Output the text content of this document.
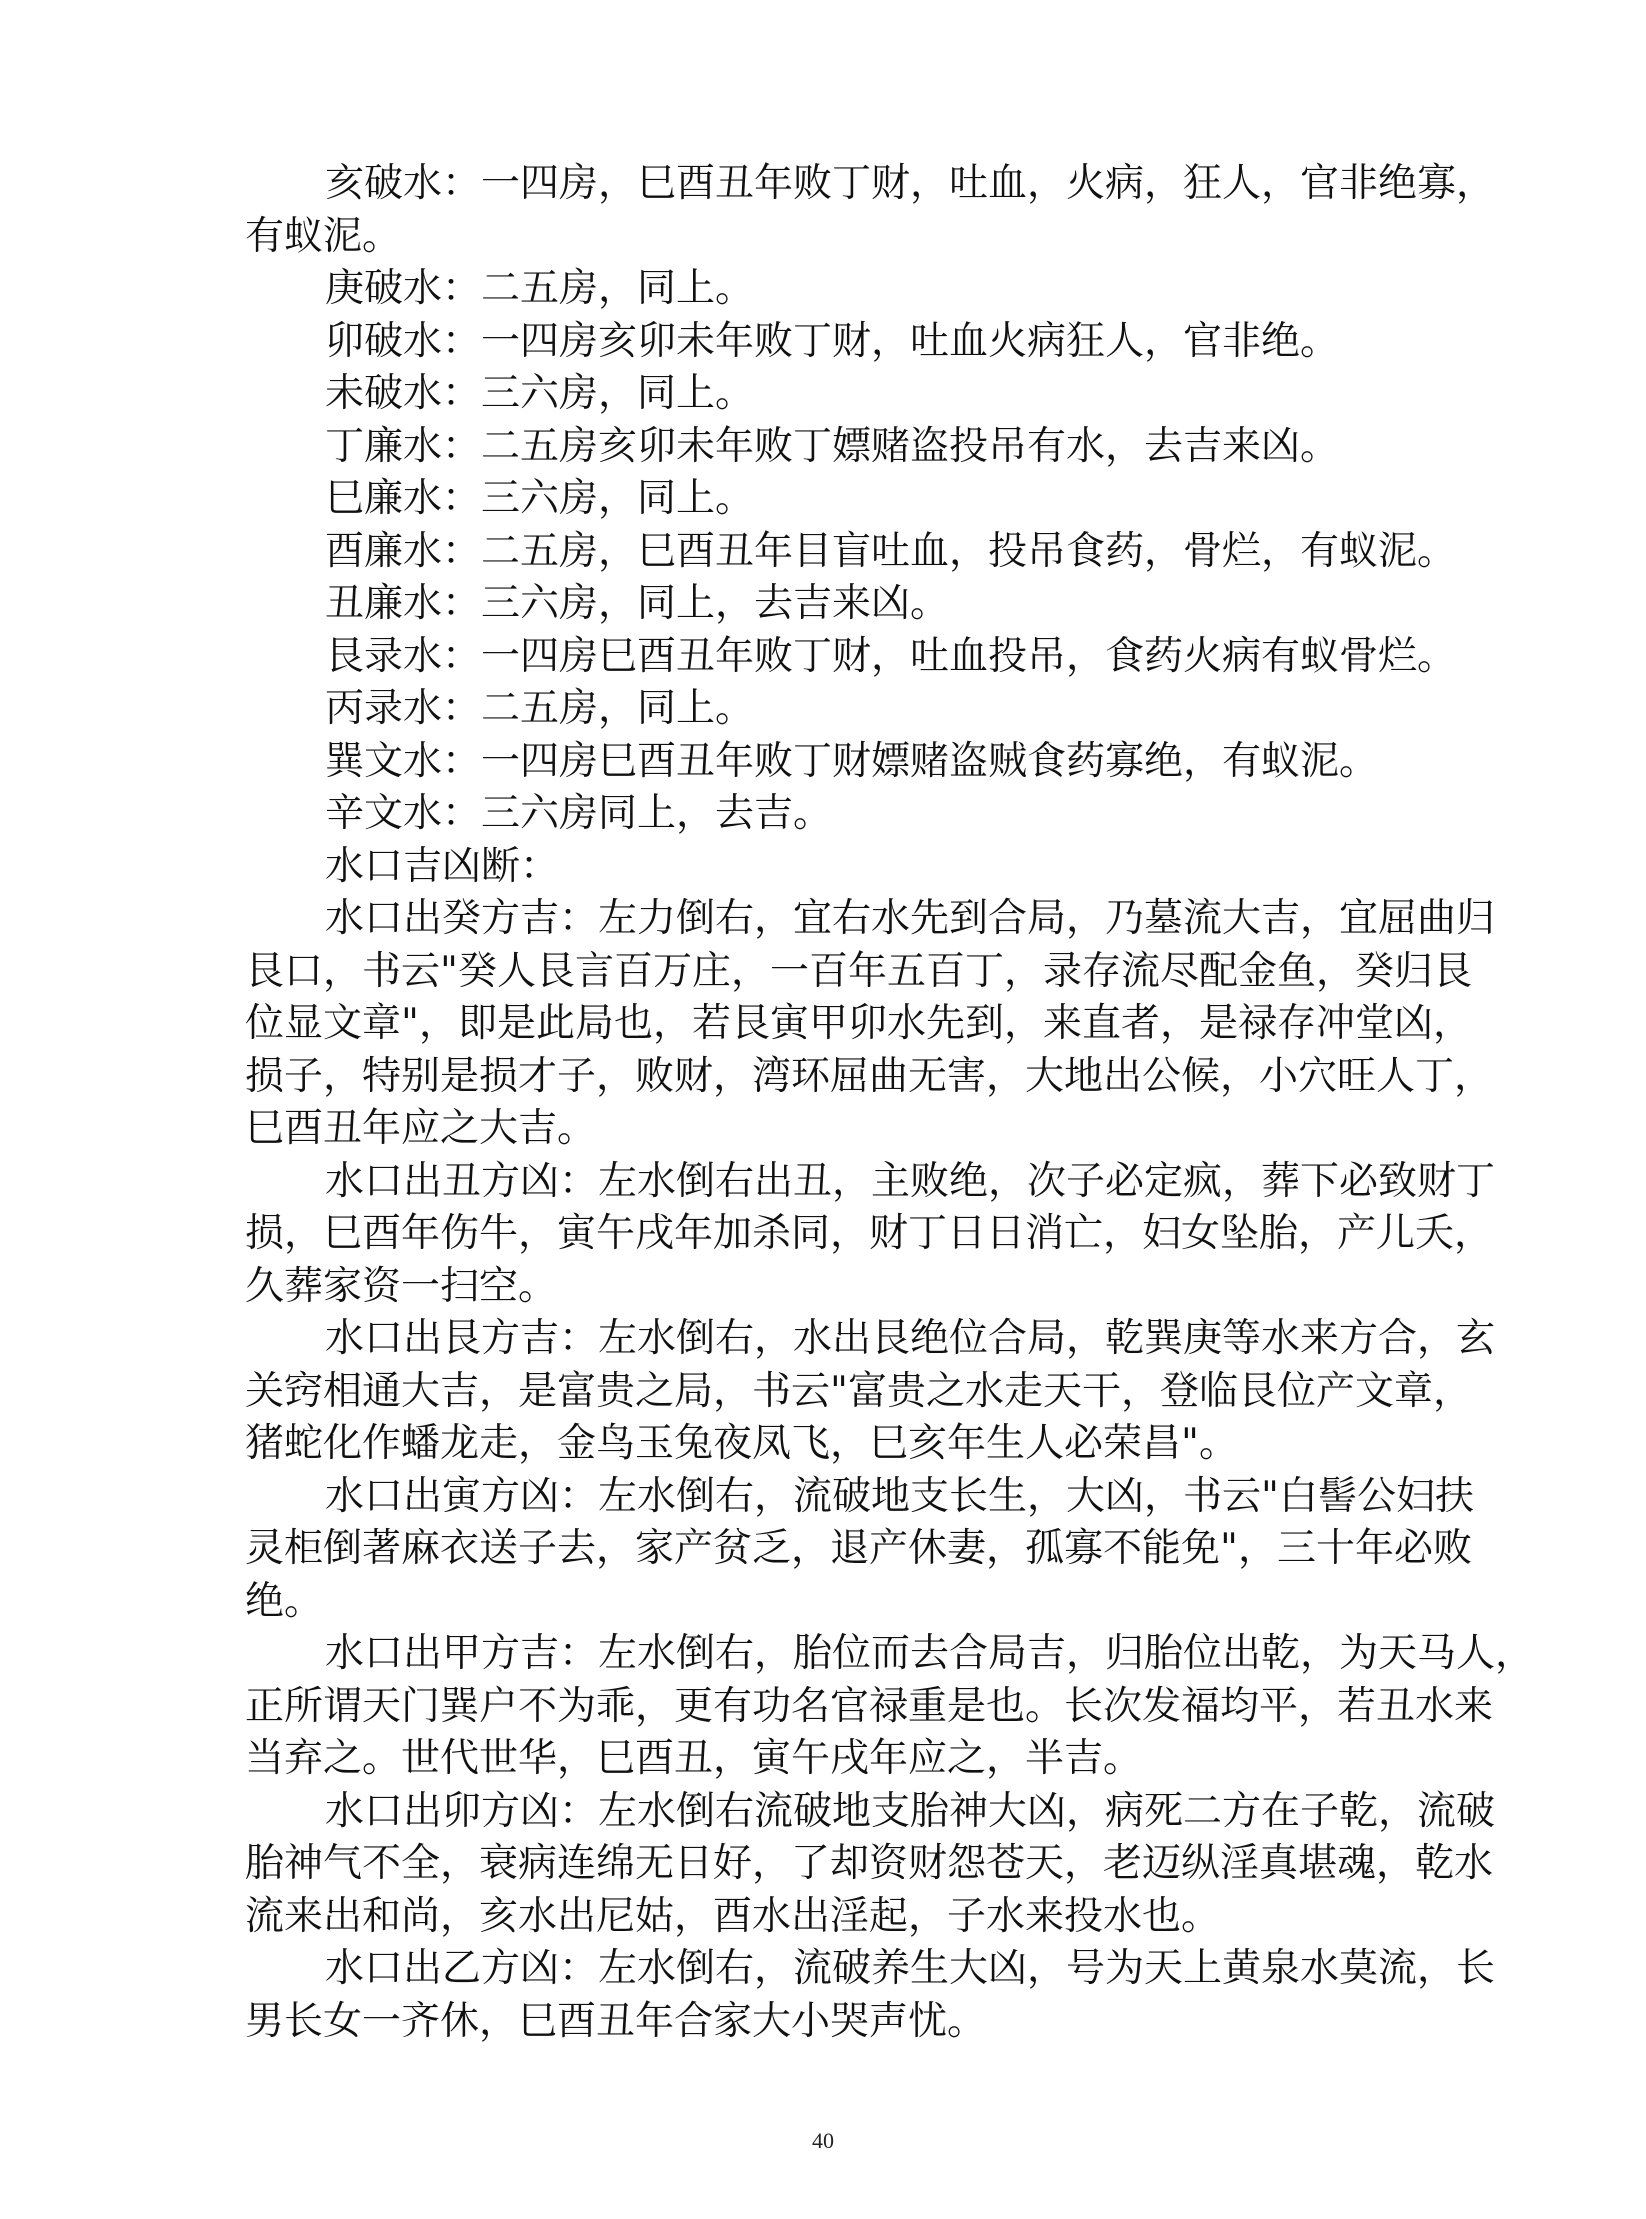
亥破水：一四房，巳酉丑年败丁财，吐血，火病，狂人，官非绝寡，
有蚁泥。
庚破水：二五房，同上。
卯破水：一四房亥卯未年败丁财，吐血火病狂人，官非绝。
未破水：三六房，同上。
丁廉水：二五房亥卯未年败丁嫖赌盗投吊有水，去吉来凶。
巳廉水：三六房，同上。
酉廉水：二五房，巳酉丑年目盲吐血，投吊食药，骨烂，有蚁泥。
丑廉水：三六房，同上，去吉来凶。
艮录水：一四房巳酉丑年败丁财，吐血投吊，食药火病有蚁骨烂。
丙录水：二五房，同上。
巽文水：一四房巳酉丑年败丁财嫖赌盗贼食药寡绝，有蚁泥。
辛文水：三六房同上，去吉。
水口吉凶断：
水口出癸方吉：左力倒右，宜右水先到合局，乃墓流大吉，宜屈曲归
艮口，书云"癸人艮言百万庄，一百年五百丁，录存流尽配金鱼，癸归艮
位显文章"，即是此局也，若艮寅甲卯水先到，来直者，是禄存冲堂凶，
损子，特别是损才子，败财，湾环屈曲无害，大地出公候，小穴旺人丁，
巳酉丑年应之大吉。
水口出丑方凶：左水倒右出丑，主败绝，次子必定疯，葬下必致财丁
损，巳酉年伤牛，寅午戌年加杀同，财丁日日消亡，妇女坠胎，产儿夭，
久葬家资一扫空。
水口出艮方吉：左水倒右，水出艮绝位合局，乾巽庚等水来方合，玄
关窍相通大吉，是富贵之局，书云"富贵之水走天干，登临艮位产文章，
猪蛇化作蟠龙走，金鸟玉兔夜凤飞，巳亥年生人必荣昌"。
水口出寅方凶：左水倒右，流破地支长生，大凶，书云"白髻公妇扶
灵柜倒著麻衣送子去，家产贫乏，退产休妻，孤寡不能免"，三十年必败
绝。
水口出甲方吉：左水倒右，胎位而去合局吉，归胎位出乾，为天马人，
正所谓天门巽户不为乖，更有功名官禄重是也。长次发福均平，若丑水来
当弃之。世代世华，巳酉丑，寅午戌年应之，半吉。
水口出卯方凶：左水倒右流破地支胎神大凶，病死二方在子乾，流破
胎神气不全，衰病连绵无日好，了却资财怨苍天，老迈纵淫真堪魂，乾水
流来出和尚，亥水出尼姑，酉水出淫起，子水来投水也。
水口出乙方凶：左水倒右，流破养生大凶，号为天上黄泉水莫流，长
男长女一齐休，巳酉丑年合家大小哭声忧。
40
